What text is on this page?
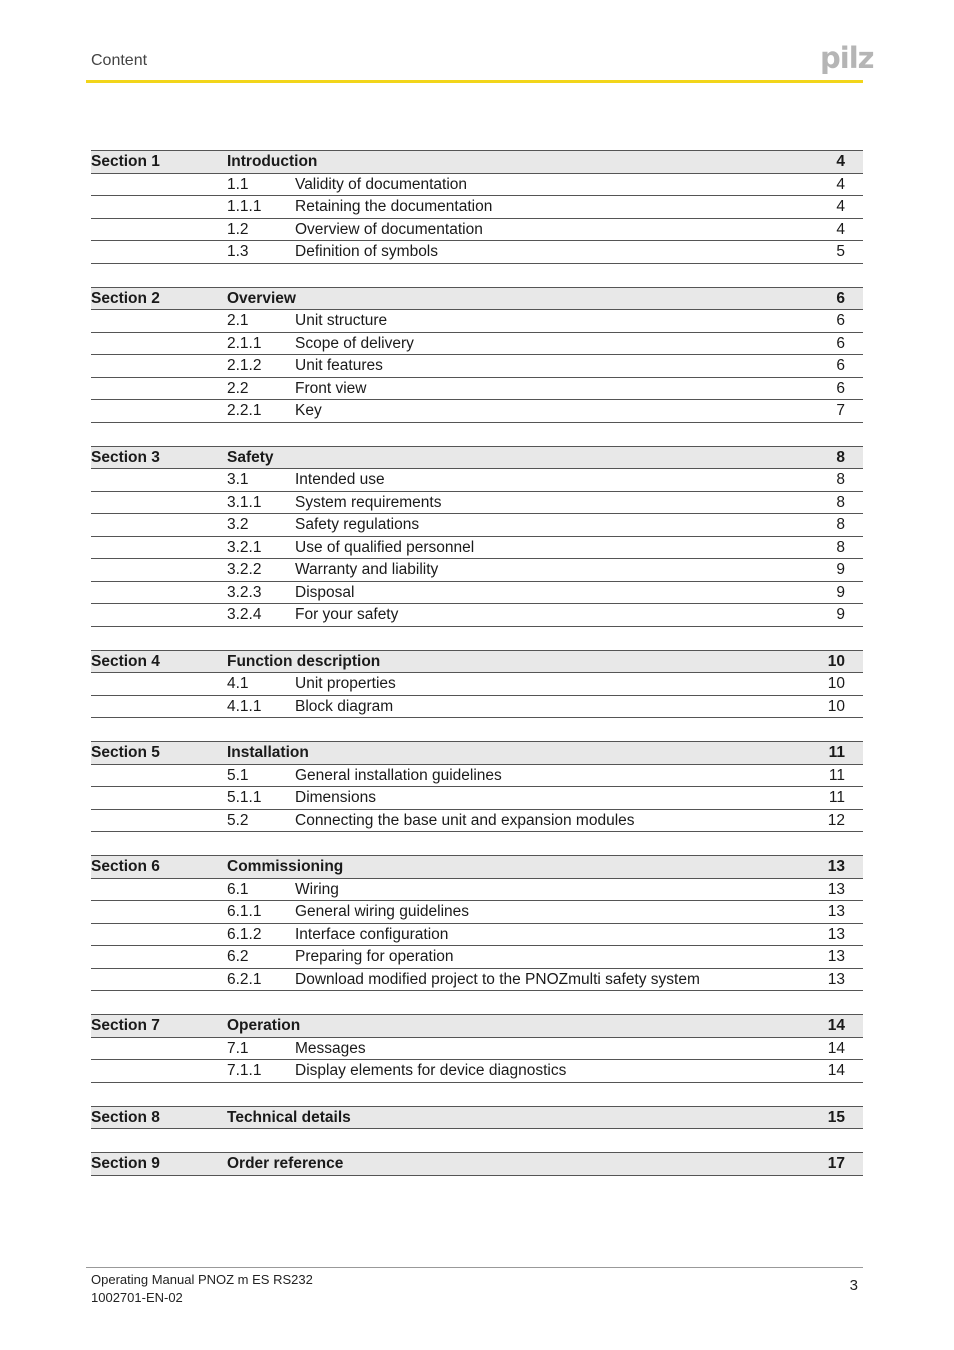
Content	pilz
Section 1	Introduction	4
1.1	Validity of documentation	4
1.1.1 Retaining the documentation	4
1.2	Overview of documentation	4
1.3	Definition of symbols	5
Section 2	Overview	6
2.1	Unit structure	6
2.1.1 Scope of delivery	6
2.1.2 Unit features	6
2.2	Front view	6
2.2.1 Key	7
Section 3	Safety	8
3.1	Intended use	8
3.1.1 System requirements	8
3.2	Safety regulations	8
3.2.1 Use of qualified personnel	8
3.2.2 Warranty and liability	9
3.2.3 Disposal	9
3.2.4 For your safety	9
Section 4	Function description	10
4.1	Unit properties	10
4.1.1 Block diagram	10
Section 5	Installation	11
5.1	General installation guidelines	11
5.1.1 Dimensions	11
5.2	Connecting the base unit and expansion modules	12
Section 6	Commissioning	13
6.1	Wiring	13
6.1.1 General wiring guidelines	13
6.1.2 Interface configuration	13
6.2	Preparing for operation	13
6.2.1 Download modified project to the PNOZmulti safety system	13
Section 7	Operation	14
7.1	Messages	14
7.1.1 Display elements for device diagnostics	14
Section 8	Technical details	15
Section 9	Order reference	17
Operating Manual PNOZ m ES RS232
1002701-EN-02
3
